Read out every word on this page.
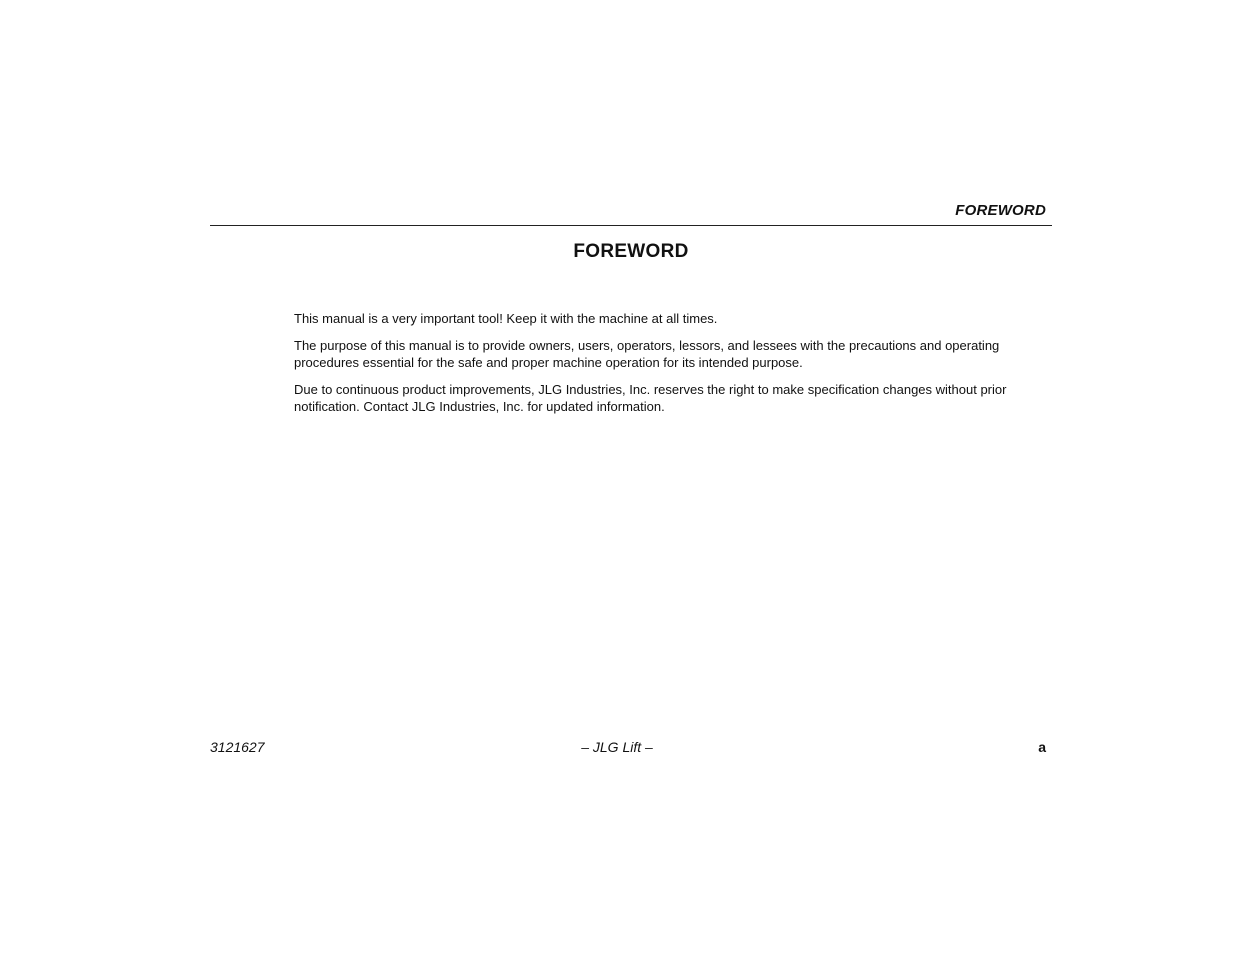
FOREWORD
FOREWORD

This manual is a very important tool! Keep it with the machine at all times.

The purpose of this manual is to provide owners, users, operators, lessors, and lessees with the precautions and operating procedures essential for the safe and proper machine operation for its intended purpose.

Due to continuous product improvements, JLG Industries, Inc. reserves the right to make specification changes without prior notification. Contact JLG Industries, Inc. for updated information.

3121627	– JLG Lift –	a
